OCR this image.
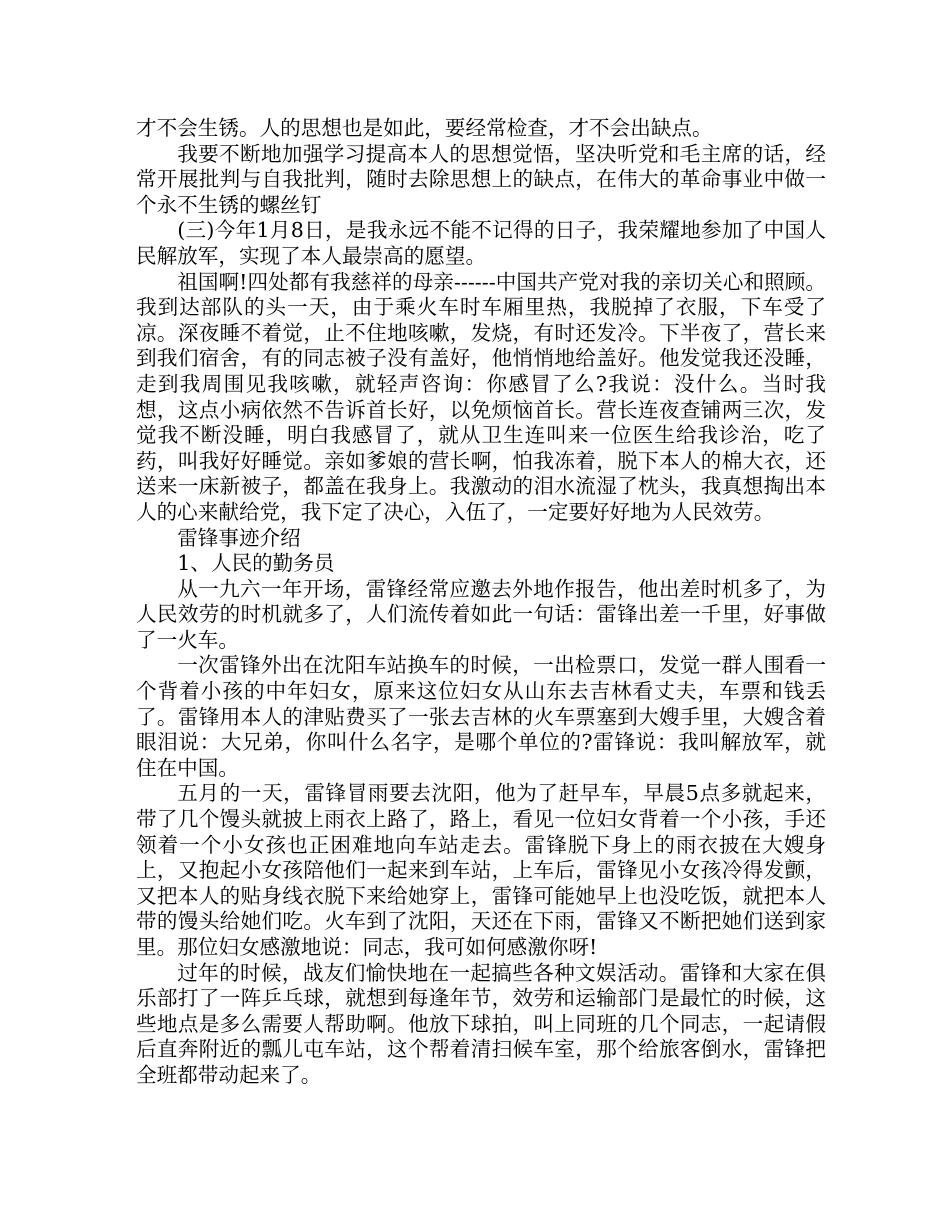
才不会生锈。人的思想也是如此，要经常检查，才不会出缺点。

我要不断地加强学习提高本人的思想觉悟，坚决听党和毛主席的话，经常开展批判与自我批判，随时去除思想上的缺点，在伟大的革命事业中做一个永不生锈的螺丝钉

(三)今年1月8日，是我永远不能不记得的日子，我荣耀地参加了中国人民解放军，实现了本人最崇高的愿望。

祖国啊!四处都有我慈祥的母亲------中国共产党对我的亲切关心和照顾。我到达部队的头一天，由于乘火车时车厢里热，我脱掉了衣服，下车受了凉。深夜睡不着觉，止不住地咳嗽，发烧，有时还发冷。下半夜了，营长来到我们宿舍，有的同志被子没有盖好，他悄悄地给盖好。他发觉我还没睡，走到我周围见我咳嗽，就轻声咨询：你感冒了么?我说：没什么。当时我想，这点小病依然不告诉首长好，以免烦恼首长。营长连夜查铺两三次，发觉我不断没睡，明白我感冒了，就从卫生连叫来一位医生给我诊治，吃了药，叫我好好睡觉。亲如爹娘的营长啊，怕我冻着，脱下本人的棉大衣，还送来一床新被子，都盖在我身上。我激动的泪水流湿了枕头，我真想掏出本人的心来献给党，我下定了决心，入伍了，一定要好好地为人民效劳。

雷锋事迹介绍

1、人民的勤务员

从一九六一年开场，雷锋经常应邀去外地作报告，他出差时机多了，为人民效劳的时机就多了，人们流传着如此一句话：雷锋出差一千里，好事做了一火车。

一次雷锋外出在沈阳车站换车的时候，一出检票口，发觉一群人围看一个背着小孩的中年妇女，原来这位妇女从山东去吉林看丈夫，车票和钱丢了。雷锋用本人的津贴费买了一张去吉林的火车票塞到大嫂手里，大嫂含着眼泪说：大兄弟，你叫什么名字，是哪个单位的?雷锋说：我叫解放军，就住在中国。

五月的一天，雷锋冒雨要去沈阳，他为了赶早车，早晨5点多就起来，带了几个馒头就披上雨衣上路了，路上，看见一位妇女背着一个小孩，手还领着一个小女孩也正困难地向车站走去。雷锋脱下身上的雨衣披在大嫂身上，又抱起小女孩陪他们一起来到车站，上车后，雷锋见小女孩冷得发颤，又把本人的贴身线衣脱下来给她穿上，雷锋可能她早上也没吃饭，就把本人带的馒头给她们吃。火车到了沈阳，天还在下雨，雷锋又不断把她们送到家里。那位妇女感激地说：同志，我可如何感激你呀!

过年的时候，战友们愉快地在一起搞些各种文娱活动。雷锋和大家在俱乐部打了一阵乒乓球，就想到每逢年节，效劳和运输部门是最忙的时候，这些地点是多么需要人帮助啊。他放下球拍，叫上同班的几个同志，一起请假后直奔附近的瓢儿屯车站，这个帮着清扫候车室，那个给旅客倒水，雷锋把全班都带动起来了。
